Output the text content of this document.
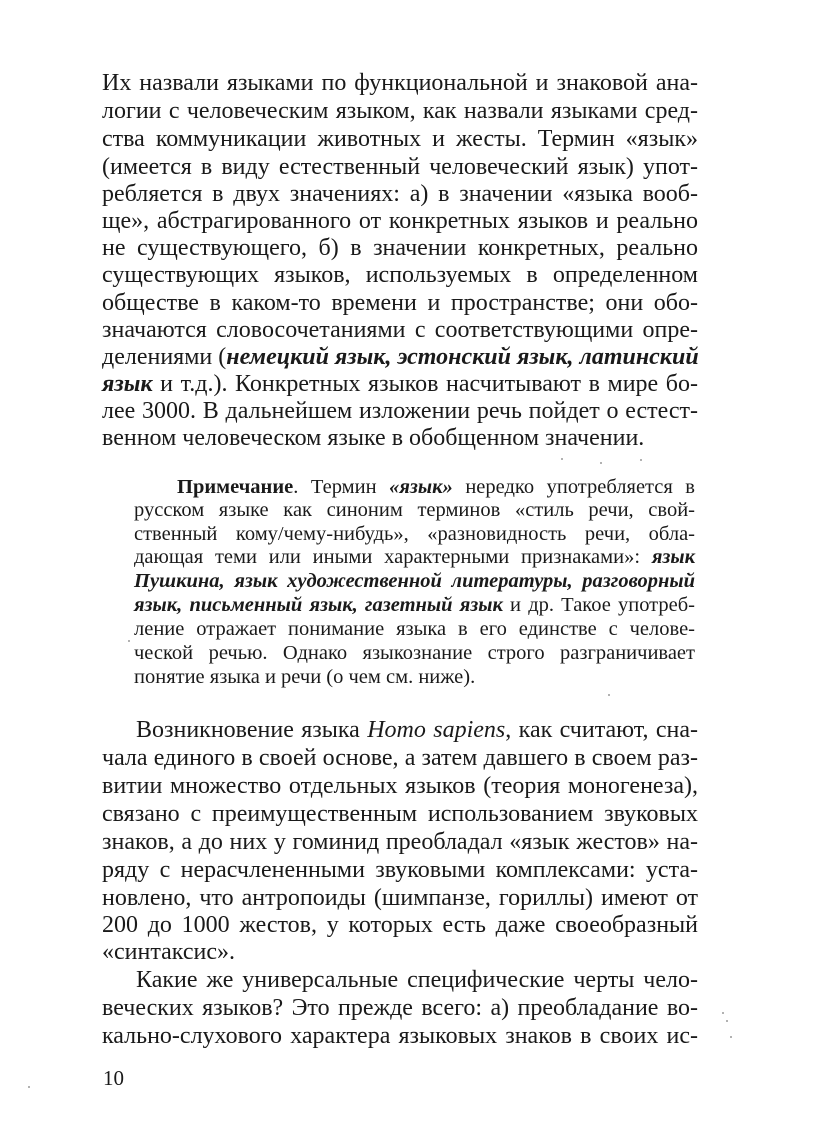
Их назвали языками по функциональной и знаковой ана-

логии с человеческим языком, как назвали языками сред-

ства коммуникации животных и жесты. Термин «язык»

(имеется в виду естественный человеческий язык) упот-

ребляется в двух значениях: а) в значении «языка вооб-

ще», абстрагированного от конкретных языков и реально

не существующего, б) в значении конкретных, реально

существующих языков, используемых в определенном

обществе в каком-то времени и пространстве; они обо-

значаются словосочетаниями с соответствующими опре-

делениями (немецкий язык, эстонский язык, латинский

язык и т.д.). Конкретных языков насчитывают в мире бо-

лее 3000. В дальнейшем изложении речь пойдет о естест-

венном человеческом языке в обобщенном значении.

Примечание. Термин «язык» нередко употребляется в

русском языке как синоним терминов «стиль речи, свой-

ственный кому/чему-нибудь», «разновидность речи, обла-

дающая теми или иными характерными признаками»: язык

Пушкина, язык художественной литературы, разговорный

язык, письменный язык, газетный язык и др. Такое употреб-

ление отражает понимание языка в его единстве с челове-

ческой речью. Однако языкознание строго разграничивает

понятие языка и речи (о чем см. ниже).

Возникновение языка Homo sapiens, как считают, сна-

чала единого в своей основе, а затем давшего в своем раз-

витии множество отдельных языков (теория моногенеза),

связано с преимущественным использованием звуковых

знаков, а до них у гоминид преобладал «язык жестов» на-

ряду с нерасчлененными звуковыми комплексами: уста-

новлено, что антропоиды (шимпанзе, гориллы) имеют от

200 до 1000 жестов, у которых есть даже своеобразный

«синтаксис».

Какие же универсальные специфические черты чело-

веческих языков? Это прежде всего: а) преобладание во-

кально-слухового характера языковых знаков в своих ис-

10
